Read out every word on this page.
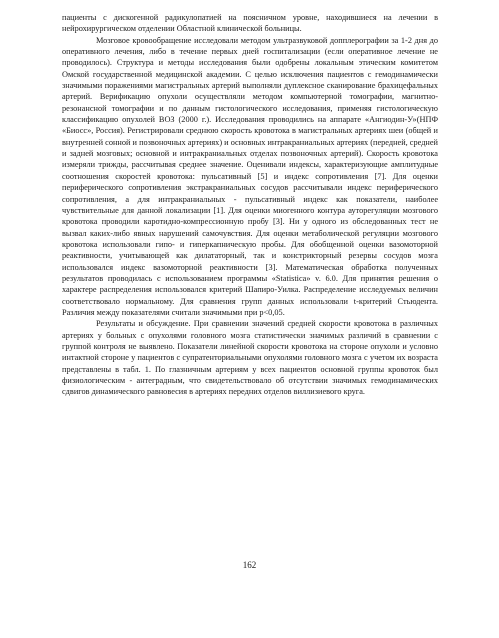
пациенты с дискогенной радикулопатией на поясничном уровне, находившиеся на лечении в нейрохирургическом отделении Областной клинической больницы.

Мозговое кровообращение исследовали методом ультразвуковой допплерографии за 1-2 дня до оперативного лечения, либо в течение первых дней госпитализации (если оперативное лечение не проводилось). Структура и методы исследования были одобрены локальным этическим комитетом Омской государственной медицинской академии. С целью исключения пациентов с гемодинамически значимыми поражениями магистральных артерий выполняли дуплексное сканирование брахицефальных артерий. Верификацию опухоли осуществляли методом компьютерной томографии, магнитно-резонансной томографии и по данным гистологического исследования, применяя гистологическую классификацию опухолей ВОЗ (2000 г.). Исследования проводились на аппарате «Ангиодин-У»(НПФ «Биосс», Россия). Регистрировали среднюю скорость кровотока в магистральных артериях шеи (общей и внутренней сонной и позвоночных артериях) и основных интракраниальных артериях (передней, средней и задней мозговых; основной и интракраниальных отделах позвоночных артерий). Скорость кровотока измеряли трижды, рассчитывая среднее значение. Оценивали индексы, характеризующие амплитудные соотношения скоростей кровотока: пульсативный [5] и индекс сопротивления [7]. Для оценки периферического сопротивления экстракраниальных сосудов рассчитывали индекс периферического сопротивления, а для интракраниальных - пульсативный индекс как показатели, наиболее чувствительные для данной локализации [1]. Для оценки миогенного контура ауторегуляции мозгового кровотока проводили каротидно-компрессионную пробу [3]. Ни у одного из обследованных тест не вызвал каких-либо явных нарушений самочувствия. Для оценки метаболической регуляции мозгового кровотока использовали гипо- и гиперкапническую пробы. Для обобщенной оценки вазомоторной реактивности, учитывающей как дилататорный, так и констрикторный резервы сосудов мозга использовался индекс вазомоторной реактивности [3]. Математическая обработка полученных результатов проводилась с использованием программы «Statistica» v. 6.0. Для принятия решения о характере распределения использовался критерий Шапиро-Уилка. Распределение исследуемых величин соответствовало нормальному. Для сравнения групп данных использовали t-критерий Стьюдента. Различия между показателями считали значимыми при p<0,05.

Результаты и обсуждение. При сравнении значений средней скорости кровотока в различных артериях у больных с опухолями головного мозга статистически значимых различий в сравнении с группой контроля не выявлено. Показатели линейной скорости кровотока на стороне опухоли и условно интактной стороне у пациентов с супратенториальными опухолями головного мозга с учетом их возраста представлены в табл. 1. По глазничным артериям у всех пациентов основной группы кровоток был физиологическим - антеградным, что свидетельствовало об отсутствии значимых гемодинамических сдвигов динамического равновесия в артериях передних отделов виллизиевого круга.

162
